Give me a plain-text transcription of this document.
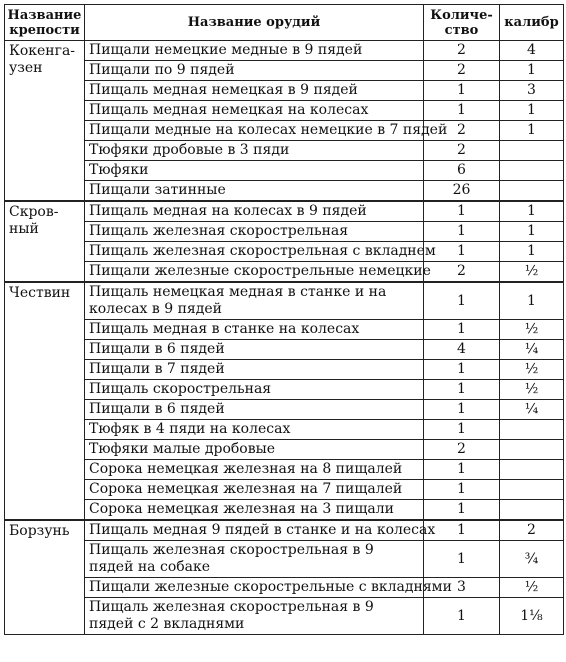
Название крепости	Название орудий	Количе-ство	калибр
Кокенга-узен	Пищали немецкие медные в 9 пядей	2	4
	Пищали по 9 пядей	2	1
	Пищаль медная немецкая в 9 пядей	1	3
	Пищаль медная немецкая на колесах	1	1
	Пищали медные на колесах немецкие в 7 пядей	2	1
	Тюфяки дробовые в 3 пяди	2	
	Тюфяки	6	
	Пищали затинные	26	
Скров-ный	Пищаль медная на колесах в 9 пядей	1	1
	Пищаль железная скорострельная	1	1
	Пищаль железная скорострельная с вкладнем	1	1
	Пищали железные скорострельные немецкие	2	½
Чествин	Пищаль немецкая медная в станке и на колесах в 9 пядей	1	1
	Пищаль медная в станке на колесах	1	½
	Пищали в 6 пядей	4	¼
	Пищали в 7 пядей	1	½
	Пищаль скорострельная	1	½
	Пищали в 6 пядей	1	¼
	Тюфяк в 4 пяди на колесах	1	
	Тюфяки малые дробовые	2	
	Сорока немецкая железная на 8 пищалей	1	
	Сорока немецкая железная на 7 пищалей	1	
	Сорока немецкая железная на 3 пищали	1	
Борзунь	Пищаль медная 9 пядей в станке и на колесах	1	2
	Пищаль железная скорострельная в 9 пядей на собаке	1	¾
	Пищали железные скорострельные с вкладнями	3	½
	Пищаль железная скорострельная в 9 пядей с 2 вкладнями	1	1⅛
